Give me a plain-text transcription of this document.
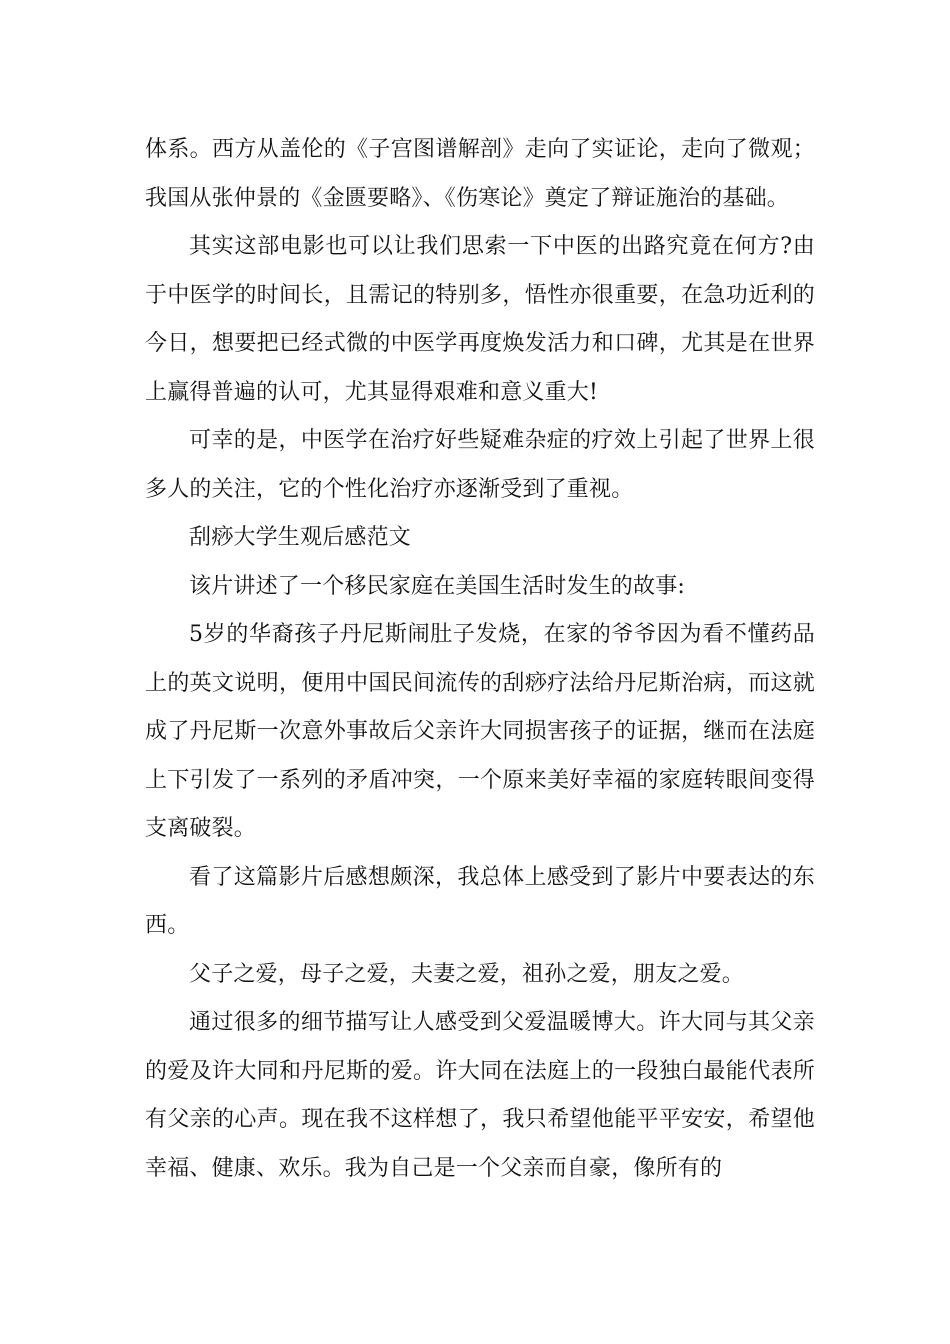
体系。西方从盖伦的《子宫图谱解剖》走向了实证论，走向了微观；我国从张仲景的《金匮要略》、《伤寒论》奠定了辩证施治的基础。

其实这部电影也可以让我们思索一下中医的出路究竟在何方?由于中医学的时间长，且需记的特别多，悟性亦很重要，在急功近利的今日，想要把已经式微的中医学再度焕发活力和口碑，尤其是在世界上赢得普遍的认可，尤其显得艰难和意义重大!

可幸的是，中医学在治疗好些疑难杂症的疗效上引起了世界上很多人的关注，它的个性化治疗亦逐渐受到了重视。

刮痧大学生观后感范文

该片讲述了一个移民家庭在美国生活时发生的故事:

5岁的华裔孩子丹尼斯闹肚子发烧，在家的爷爷因为看不懂药品上的英文说明，便用中国民间流传的刮痧疗法给丹尼斯治病，而这就成了丹尼斯一次意外事故后父亲许大同损害孩子的证据，继而在法庭上下引发了一系列的矛盾冲突，一个原来美好幸福的家庭转眼间变得支离破裂。

看了这篇影片后感想颇深，我总体上感受到了影片中要表达的东西。

父子之爱，母子之爱，夫妻之爱，祖孙之爱，朋友之爱。

通过很多的细节描写让人感受到父爱温暖博大。许大同与其父亲的爱及许大同和丹尼斯的爱。许大同在法庭上的一段独白最能代表所有父亲的心声。现在我不这样想了，我只希望他能平平安安，希望他幸福、健康、欢乐。我为自己是一个父亲而自豪，像所有的
